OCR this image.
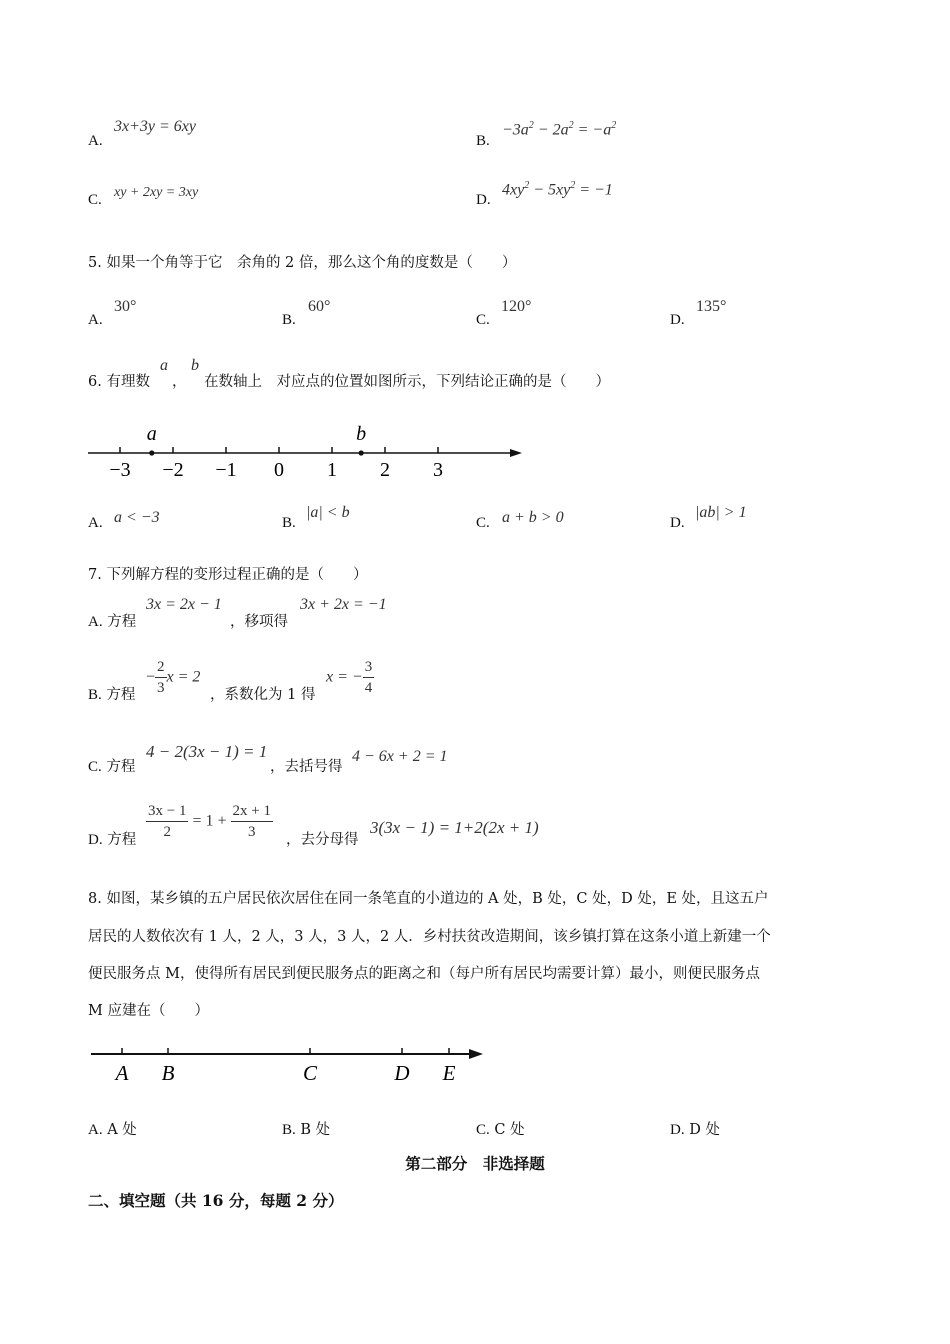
A.
3x+3y = 6xy
B.
$-3a^2 - 2a^2 = -a^2$
C. xy + 2xy = 3xy	D.
$4xy^2 - 5xy^2 = -1$
5. 如果一个角等于它　余角的 2 倍，那么这个角的度数是（　　）
A.
30°
B.
60°
C.
120°
D.
135°
6. 有理数
a
，
b
在数轴上　对应点的位置如图所示，下列结论正确的是（　　）
−3 −2 −1 0 1 2 3
a	b
A. a < −3	B.
|a| < b
C. a + b > 0	D.
|ab| > 1
7. 下列解方程的变形过程正确的是（　　）
A. 方程
3x = 2x − 1
，移项得
3x + 2x = −1
B. 方程
− $\frac{2}{3}$ x = 2
，系数化为 1 得
x = − $\frac{3}{4}$
C. 方程
4 − 2(3x − 1) = 1
，去括号得
4 − 6x + 2 = 1
D. 方程 $\frac{3x - 1}{2} = 1 + \frac{2x + 1}{3}$ ，去分母得
3(3x − 1) = 1+2(2x + 1)
8. 如图，某乡镇的五户居民依次居住在同一条笔直的小道边的 A 处，B 处，C 处，D 处，E 处，且这五户
居民的人数依次有 1 人，2 人，3 人，3 人，2 人．乡村扶贫改造期间，该乡镇打算在这条小道上新建一个
便民服务点 M，使得所有居民到便民服务点的距离之和（每户所有居民均需要计算）最小，则便民服务点
M 应建在（　　）
A B	C	D E
A. A 处	B. B 处	C. C 处	D. D 处
第二部分　非选择题
二、填空题（共 16 分，每题 2 分）
